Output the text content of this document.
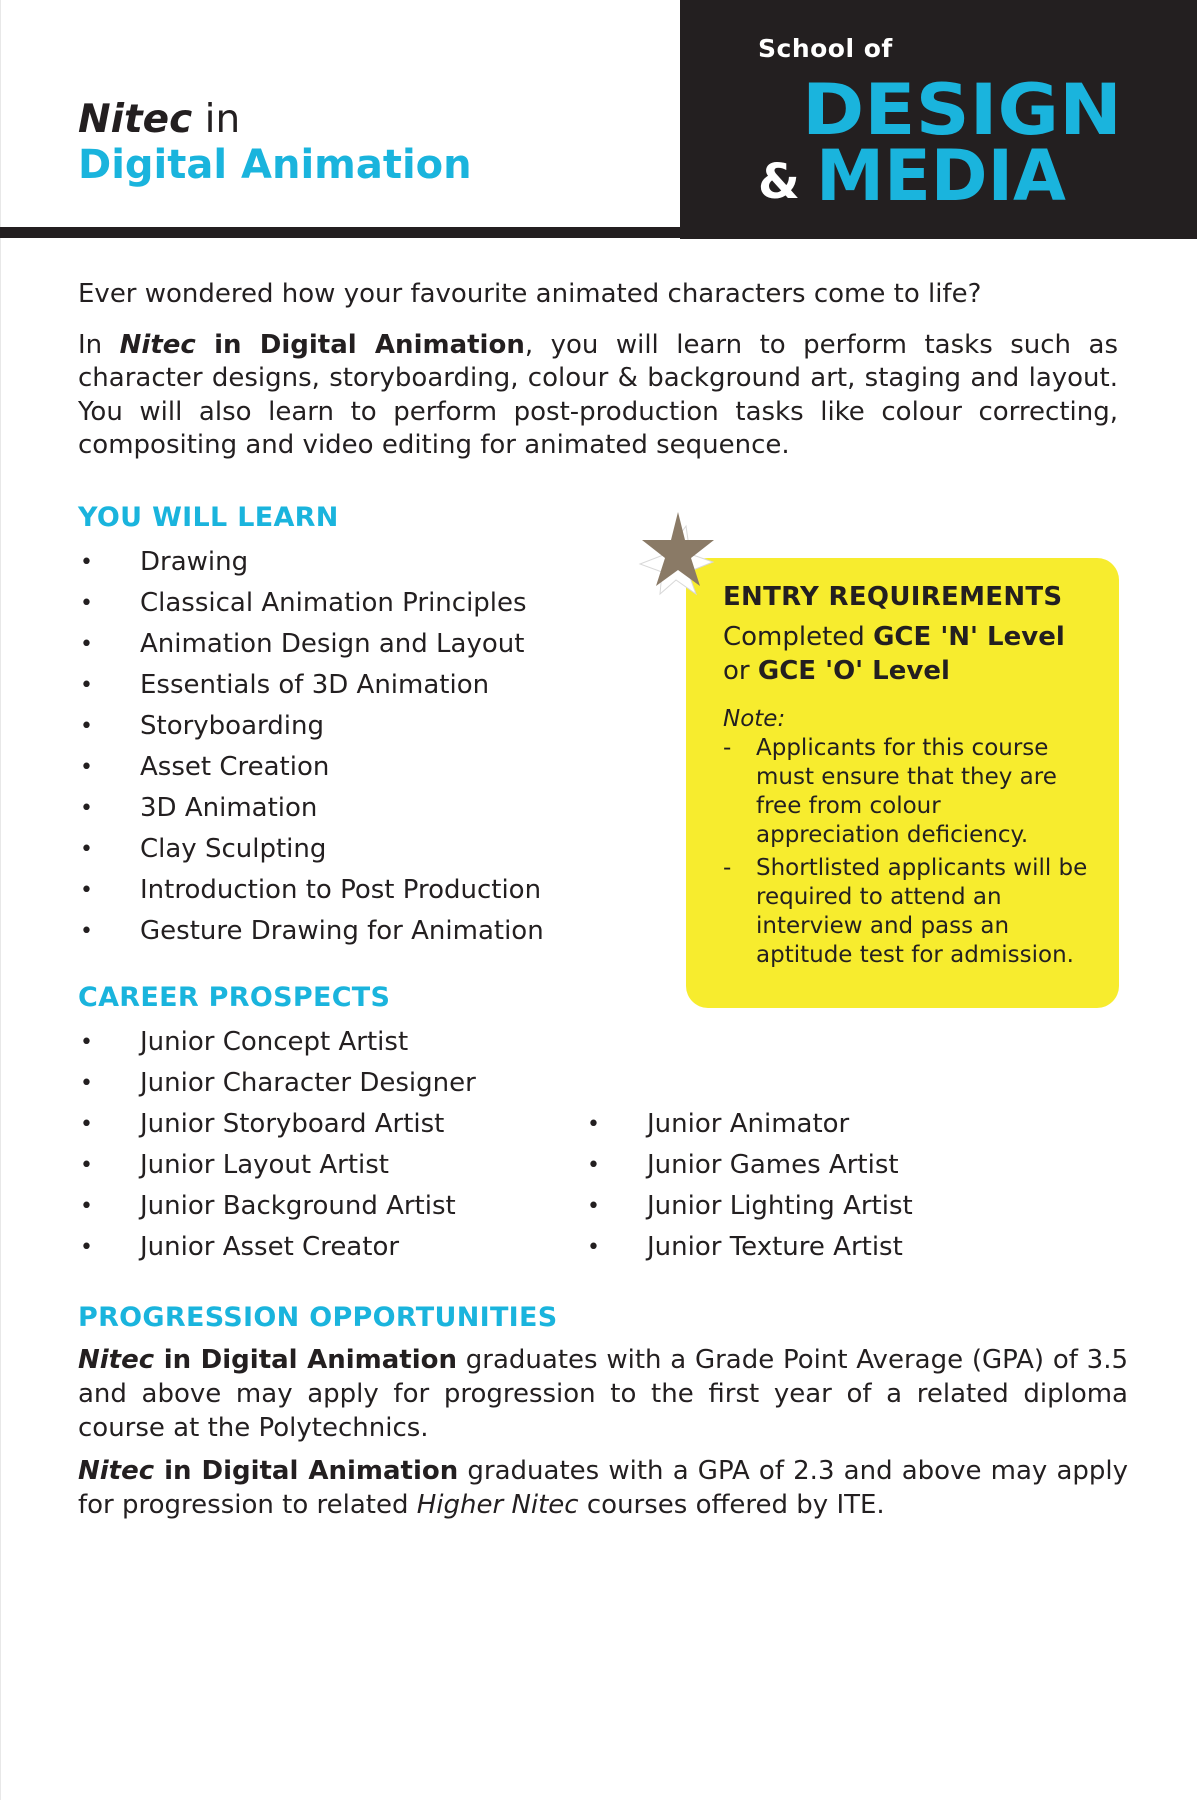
Nitec in
Digital Animation
School of
DESIGN
& MEDIA

Ever wondered how your favourite animated characters come to life?

In Nitec in Digital Animation, you will learn to perform tasks such as character designs, storyboarding, colour & background art, staging and layout. You will also learn to perform post-production tasks like colour correcting, compositing and video editing for animated sequence.

YOU WILL LEARN
• Drawing
• Classical Animation Principles
• Animation Design and Layout
• Essentials of 3D Animation
• Storyboarding
• Asset Creation
• 3D Animation
• Clay Sculpting
• Introduction to Post Production
• Gesture Drawing for Animation
ENTRY REQUIREMENTS

Completed GCE 'N' Level

or GCE 'O' Level

Note:

- Applicants for this course must ensure that they are free from colour appreciation deficiency.
- Shortlisted applicants will be required to attend an interview and pass an aptitude test for admission.
CAREER PROSPECTS
• Junior Concept Artist
• Junior Character Designer
• Junior Storyboard Artist
• Junior Layout Artist
• Junior Background Artist
• Junior Asset Creator
• Junior Animator
• Junior Games Artist
• Junior Lighting Artist
• Junior Texture Artist
PROGRESSION OPPORTUNITIES

Nitec in Digital Animation graduates with a Grade Point Average (GPA) of 3.5 and above may apply for progression to the first year of a related diploma course at the Polytechnics.

Nitec in Digital Animation graduates with a GPA of 2.3 and above may apply for progression to related Higher Nitec courses offered by ITE.
